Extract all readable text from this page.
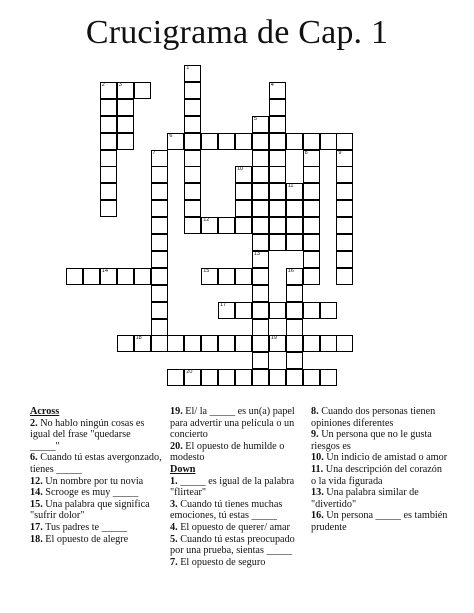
Crucigrama de Cap. 1
2	3
6
12
14	15
17
18	19
20
1
4
5
13
7	8	9
10
11
16
Across
2. No hablo ningún cosas es igual del frase "quedarse _____"
6. Cuando tú estas avergonzado, tienes _____
12. Un nombre por tu novia
14. Scrooge es muy _____
15. Una palabra que significa "sufrir dolor"
17. Tus padres te _____
18. El opuesto de alegre
19. El/ la _____ es un(a) papel para advertir una película o un concierto
20. El opuesto de humilde o modesto
Down
1. _____ es igual de la palabra "flirtear"
3. Cuando tú tienes muchas emociones, tú estas _____
4. El opuesto de querer/ amar
5. Cuando tú estas preocupado por una prueba, sientas _____
7. El opuesto de seguro
8. Cuando dos personas tienen opiniones diferentes
9. Un persona que no le gusta riesgos es
10. Un indicio de amistad o amor
11. Una descripción del corazón o la vida figurada
13. Una palabra similar de "divertido"
16. Un persona _____ es también prudente
